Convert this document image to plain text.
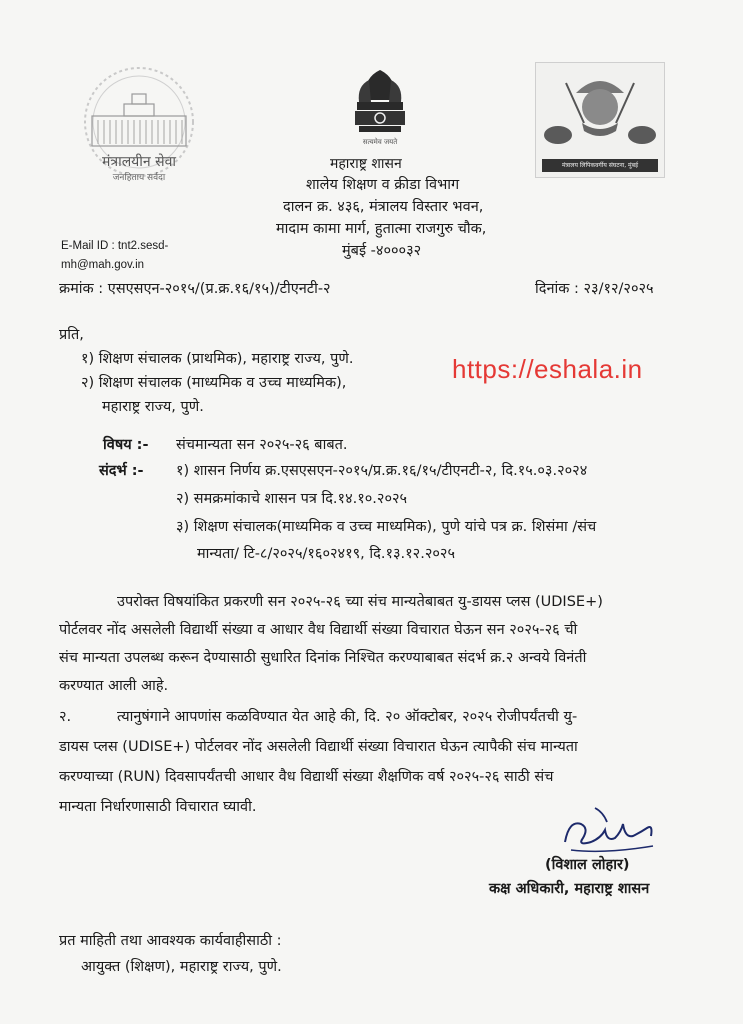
मंत्रालयीन सेवा
जनहिताय सर्वदा
सत्यमेव जयते
मंत्रालय लिपिकवर्गीय संघटना, मुंबई
महाराष्ट्र शासन
शालेय शिक्षण व क्रीडा विभाग
दालन क्र. ४३६, मंत्रालय विस्तार भवन,
मादाम कामा मार्ग, हुतात्मा राजगुरु चौक,
मुंबई -४०००३२
E-Mail ID : tnt2.sesd-
mh@mah.gov.in
क्रमांक : एसएसएन-२०१५/(प्र.क्र.१६/१५)/टीएनटी-२	दिनांक : २३/१२/२०२५
प्रति,
१) शिक्षण संचालक (प्राथमिक), महाराष्ट्र राज्य, पुणे.
२) शिक्षण संचालक (माध्यमिक व उच्च माध्यमिक),
महाराष्ट्र राज्य, पुणे.
https://eshala.in
विषय :- संचमान्यता सन २०२५-२६ बाबत.
संदर्भ :- १) शासन निर्णय क्र.एसएसएन-२०१५/प्र.क्र.१६/१५/टीएनटी-२, दि.१५.०३.२०२४
२) समक्रमांकाचे शासन पत्र दि.१४.१०.२०२५
३) शिक्षण संचालक(माध्यमिक व उच्च माध्यमिक), पुणे यांचे पत्र क्र. शिसंमा /संच
मान्यता/ टि-८/२०२५/१६०२४१९, दि.१३.१२.२०२५
उपरोक्त विषयांकित प्रकरणी सन २०२५-२६ च्या संच मान्यतेबाबत यु-डायस प्लस (UDISE+)
पोर्टलवर नोंद असलेली विद्यार्थी संख्या व आधार वैध विद्यार्थी संख्या विचारात घेऊन सन २०२५-२६ ची
संच मान्यता उपलब्ध करून देण्यासाठी सुधारित दिनांक निश्चित करण्याबाबत संदर्भ क्र.२ अन्वये विनंती
करण्यात आली आहे.
२.	त्यानुषंगाने आपणांस कळविण्यात येत आहे की, दि. २० ऑक्टोबर, २०२५ रोजीपर्यंतची यु-
डायस प्लस (UDISE+) पोर्टलवर नोंद असलेली विद्यार्थी संख्या विचारात घेऊन त्यापैकी संच मान्यता
करण्याच्या (RUN) दिवसापर्यंतची आधार वैध विद्यार्थी संख्या शैक्षणिक वर्ष २०२५-२६ साठी संच
मान्यता निर्धारणासाठी विचारात घ्यावी.
(विशाल लोहार)
कक्ष अधिकारी, महाराष्ट्र शासन
प्रत माहिती तथा आवश्यक कार्यवाहीसाठी :
आयुक्त (शिक्षण), महाराष्ट्र राज्य, पुणे.
